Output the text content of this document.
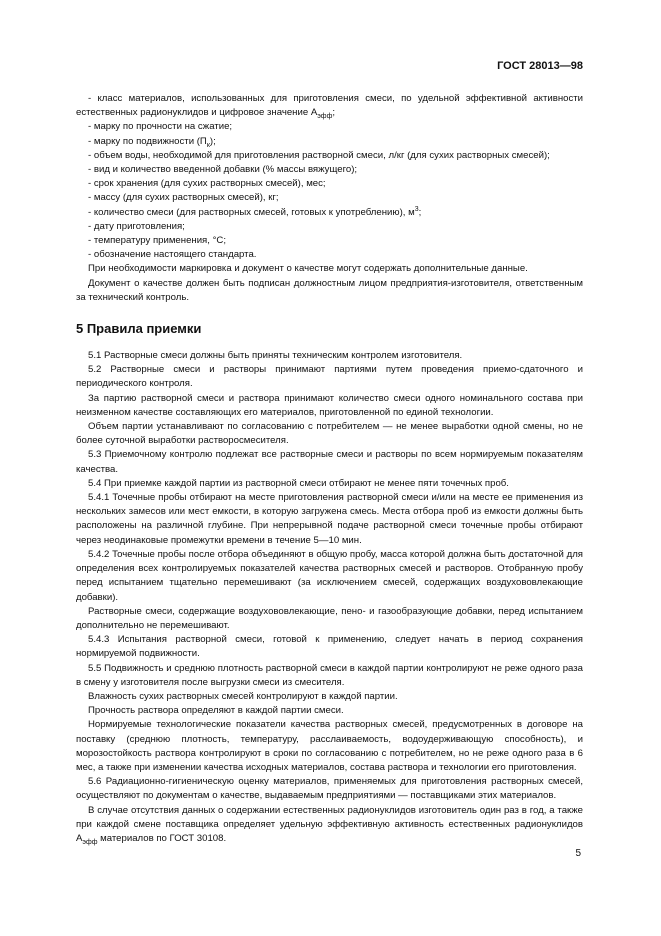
ГОСТ 28013—98

- класс материалов, использованных для приготовления смеси, по удельной эффективной активности естественных радионуклидов и цифровое значение $А_{эфф}$;

- марку по прочности на сжатие;

- марку по подвижности $(П_к)$;

- объем воды, необходимой для приготовления растворной смеси, л/кг (для сухих растворных смесей);

- вид и количество введенной добавки (% массы вяжущего);

- срок хранения (для сухих растворных смесей), мес;

- массу (для сухих растворных смесей), кг;

- количество смеси (для растворных смесей, готовых к употреблению), $м^3$;

- дату приготовления;

- температуру применения, °С;

- обозначение настоящего стандарта.

При необходимости маркировка и документ о качестве могут содержать дополнительные данные.

Документ о качестве должен быть подписан должностным лицом предприятия-изготовителя, ответственным за технический контроль.

5 Правила приемки

5.1 Растворные смеси должны быть приняты техническим контролем изготовителя.

5.2 Растворные смеси и растворы принимают партиями путем проведения приемо-сдаточного и периодического контроля.

За партию растворной смеси и раствора принимают количество смеси одного номинального состава при неизменном качестве составляющих его материалов, приготовленной по единой технологии.

Объем партии устанавливают по согласованию с потребителем — не менее выработки одной смены, но не более суточной выработки растворосмесителя.

5.3 Приемочному контролю подлежат все растворные смеси и растворы по всем нормируемым показателям качества.

5.4 При приемке каждой партии из растворной смеси отбирают не менее пяти точечных проб.

5.4.1 Точечные пробы отбирают на месте приготовления растворной смеси и/или на месте ее применения из нескольких замесов или мест емкости, в которую загружена смесь. Места отбора проб из емкости должны быть расположены на различной глубине. При непрерывной подаче растворной смеси точечные пробы отбирают через неодинаковые промежутки времени в течение 5—10 мин.

5.4.2 Точечные пробы после отбора объединяют в общую пробу, масса которой должна быть достаточной для определения всех контролируемых показателей качества растворных смесей и растворов. Отобранную пробу перед испытанием тщательно перемешивают (за исключением смесей, содержащих воздухововлекающие добавки).

Растворные смеси, содержащие воздухововлекающие, пено- и газообразующие добавки, перед испытанием дополнительно не перемешивают.

5.4.3 Испытания растворной смеси, готовой к применению, следует начать в период сохранения нормируемой подвижности.

5.5 Подвижность и среднюю плотность растворной смеси в каждой партии контролируют не реже одного раза в смену у изготовителя после выгрузки смеси из смесителя.

Влажность сухих растворных смесей контролируют в каждой партии.

Прочность раствора определяют в каждой партии смеси.

Нормируемые технологические показатели качества растворных смесей, предусмотренных в договоре на поставку (среднюю плотность, температуру, расслаиваемость, водоудерживающую способность), и морозостойкость раствора контролируют в сроки по согласованию с потребителем, но не реже одного раза в 6 мес, а также при изменении качества исходных материалов, состава раствора и технологии его приготовления.

5.6 Радиационно-гигиеническую оценку материалов, применяемых для приготовления растворных смесей, осуществляют по документам о качестве, выдаваемым предприятиями — поставщиками этих материалов.

В случае отсутствия данных о содержании естественных радионуклидов изготовитель один раз в год, а также при каждой смене поставщика определяет удельную эффективную активность естественных радионуклидов $А_{эфф}$ материалов по ГОСТ 30108.

5
